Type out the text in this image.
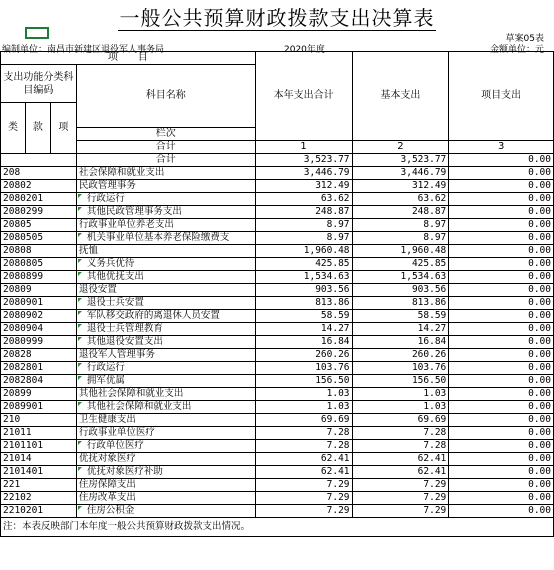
一般公共预算财政拨款支出决算表
草案05表
编制单位：南昌市新建区退役军人事务局	2020年度	金额单位：元
项　　目				本年支出合计	基本支出	项目支出
支出功能分类科目编码			科目名称			
类	款	项				
			栏次			
			合计	1	2	3
			合计	3,523.77	3,523.77	0.00
208			社会保障和就业支出	3,446.79	3,446.79	0.00
20802			民政管理事务	312.49	312.49	0.00
2080201			行政运行	63.62	63.62	0.00
2080299			其他民政管理事务支出	248.87	248.87	0.00
20805			行政事业单位养老支出	8.97	8.97	0.00
2080505			机关事业单位基本养老保险缴费支	8.97	8.97	0.00
20808			抚恤	1,960.48	1,960.48	0.00
2080805			义务兵优待	425.85	425.85	0.00
2080899			其他优抚支出	1,534.63	1,534.63	0.00
20809			退役安置	903.56	903.56	0.00
2080901			退役士兵安置	813.86	813.86	0.00
2080902			军队移交政府的离退休人员安置	58.59	58.59	0.00
2080904			退役士兵管理教育	14.27	14.27	0.00
2080999			其他退役安置支出	16.84	16.84	0.00
20828			退役军人管理事务	260.26	260.26	0.00
2082801			行政运行	103.76	103.76	0.00
2082804			拥军优属	156.50	156.50	0.00
20899			其他社会保障和就业支出	1.03	1.03	0.00
2089901			其他社会保障和就业支出	1.03	1.03	0.00
210			卫生健康支出	69.69	69.69	0.00
21011			行政事业单位医疗	7.28	7.28	0.00
2101101			行政单位医疗	7.28	7.28	0.00
21014			优抚对象医疗	62.41	62.41	0.00
2101401			优抚对象医疗补助	62.41	62.41	0.00
221			住房保障支出	7.29	7.29	0.00
22102			住房改革支出	7.29	7.29	0.00
2210201			住房公积金	7.29	7.29	0.00
注：本表反映部门本年度一般公共预算财政拨款支出情况。						
